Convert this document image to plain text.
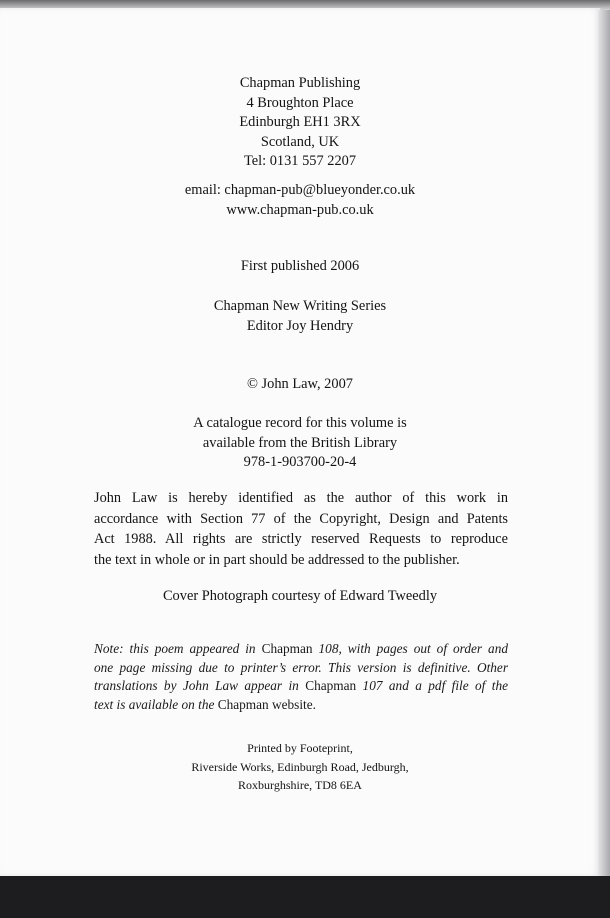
Chapman Publishing
4 Broughton Place
Edinburgh EH1 3RX
Scotland, UK
Tel: 0131 557 2207
email: chapman-pub@blueyonder.co.uk
www.chapman-pub.co.uk
First published 2006
Chapman New Writing Series
Editor Joy Hendry
© John Law, 2007
A catalogue record for this volume is
available from the British Library
978-1-903700-20-4
John Law is hereby identified as the author of this work in
accordance with Section 77 of the Copyright, Design and Patents
Act 1988. All rights are strictly reserved Requests to reproduce
the text in whole or in part should be addressed to the publisher.
Cover Photograph courtesy of Edward Tweedly
Note: this poem appeared in Chapman 108, with pages out of order and
one page missing due to printer’s error. This version is definitive. Other
translations by John Law appear in Chapman 107 and a pdf file of the
text is available on the Chapman website.
Printed by Footeprint,
Riverside Works, Edinburgh Road, Jedburgh,
Roxburghshire, TD8 6EA
